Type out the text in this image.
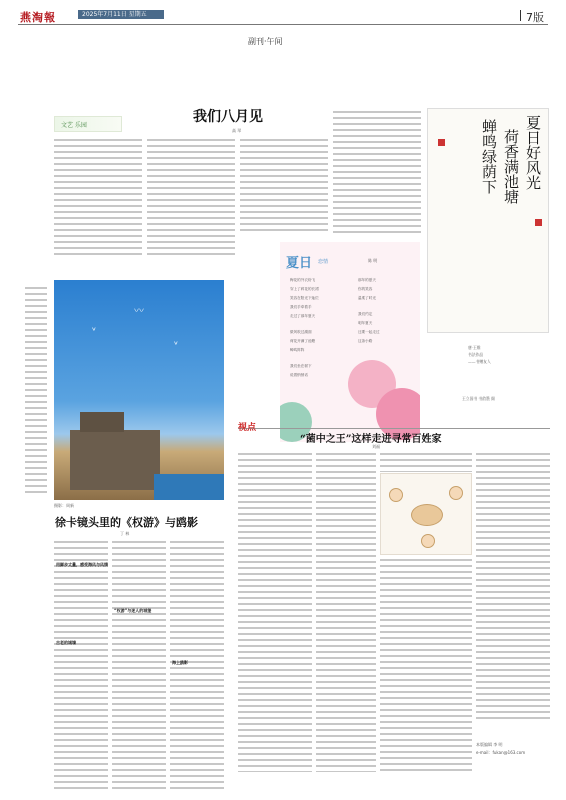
燕淘報	2025年7月11日 星期五	7版
副刊·午间
文艺 乐园
我们八月见
高 翠	夏日好风光
荷香满池塘
蝉鸣绿荫下
唐·王维
书法作品
——书赠友人
王立国书 书韵墨 阁
〰
ᵛ
ᵛ
摄影：周新
徐卡镜头里的《权游》与鸥影
丁 林
用脚步丈量，感受海风与风情
古老的城墙
“权游”与迷人的城堡
海上鸥影
夏日 恋情	陈 明
梅花的外衣纷飞
穿上了碎花的长裙
笑容在阳光下灿烂
我们手牵着手
走过了那年夏天
微风吹过湖面
荷花开满了池塘
蝉鸣阵阵
我们坐在树下
说着悄悄话
那年的夏天
你的笑容
温柔了时光
我们约定
明年夏天
还要一起走过
这条小路
视点
“菌中之王”这样走进寻常百姓家
刘福
本版编辑 李 明
e-mail：fukan@163.com
